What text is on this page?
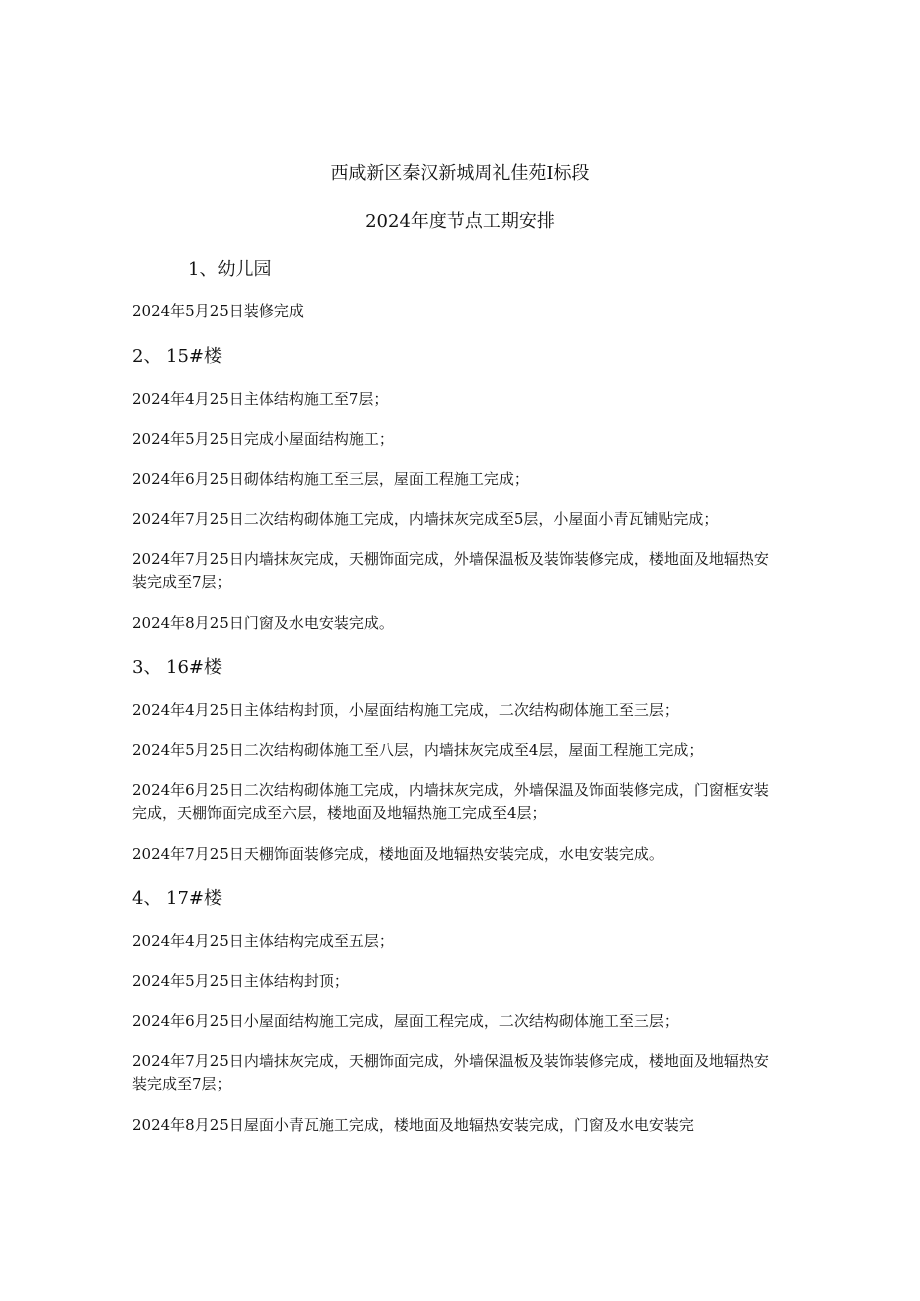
西咸新区秦汉新城周礼佳苑I标段
2024年度节点工期安排
1、幼儿园
2024年5月25日装修完成
2、 15#楼
2024年4月25日主体结构施工至7层；
2024年5月25日完成小屋面结构施工；
2024年6月25日砌体结构施工至三层，屋面工程施工完成；
2024年7月25日二次结构砌体施工完成，内墙抹灰完成至5层，小屋面小青瓦铺贴完成；
2024年7月25日内墙抹灰完成，天棚饰面完成，外墙保温板及装饰装修完成，楼地面及地辐热安装完成至7层；
2024年8月25日门窗及水电安装完成。
3、 16#楼
2024年4月25日主体结构封顶，小屋面结构施工完成，二次结构砌体施工至三层；
2024年5月25日二次结构砌体施工至八层，内墙抹灰完成至4层，屋面工程施工完成；
2024年6月25日二次结构砌体施工完成，内墙抹灰完成，外墙保温及饰面装修完成，门窗框安装完成，天棚饰面完成至六层，楼地面及地辐热施工完成至4层；
2024年7月25日天棚饰面装修完成，楼地面及地辐热安装完成，水电安装完成。
4、 17#楼
2024年4月25日主体结构完成至五层；
2024年5月25日主体结构封顶；
2024年6月25日小屋面结构施工完成，屋面工程完成，二次结构砌体施工至三层；
2024年7月25日内墙抹灰完成，天棚饰面完成，外墙保温板及装饰装修完成，楼地面及地辐热安装完成至7层；
2024年8月25日屋面小青瓦施工完成，楼地面及地辐热安装完成，门窗及水电安装完
